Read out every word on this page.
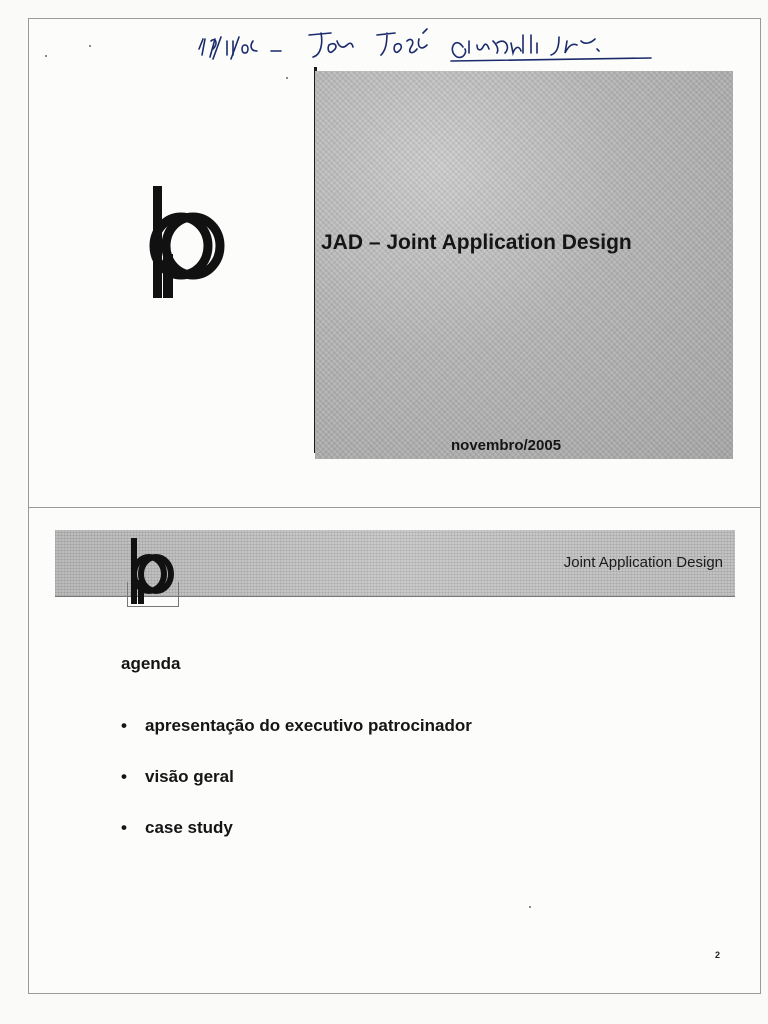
JAD – Joint Application Design

novembro/2005

Joint Application Design

agenda

• apresentação do executivo patrocinador
• visão geral
• case study

2
